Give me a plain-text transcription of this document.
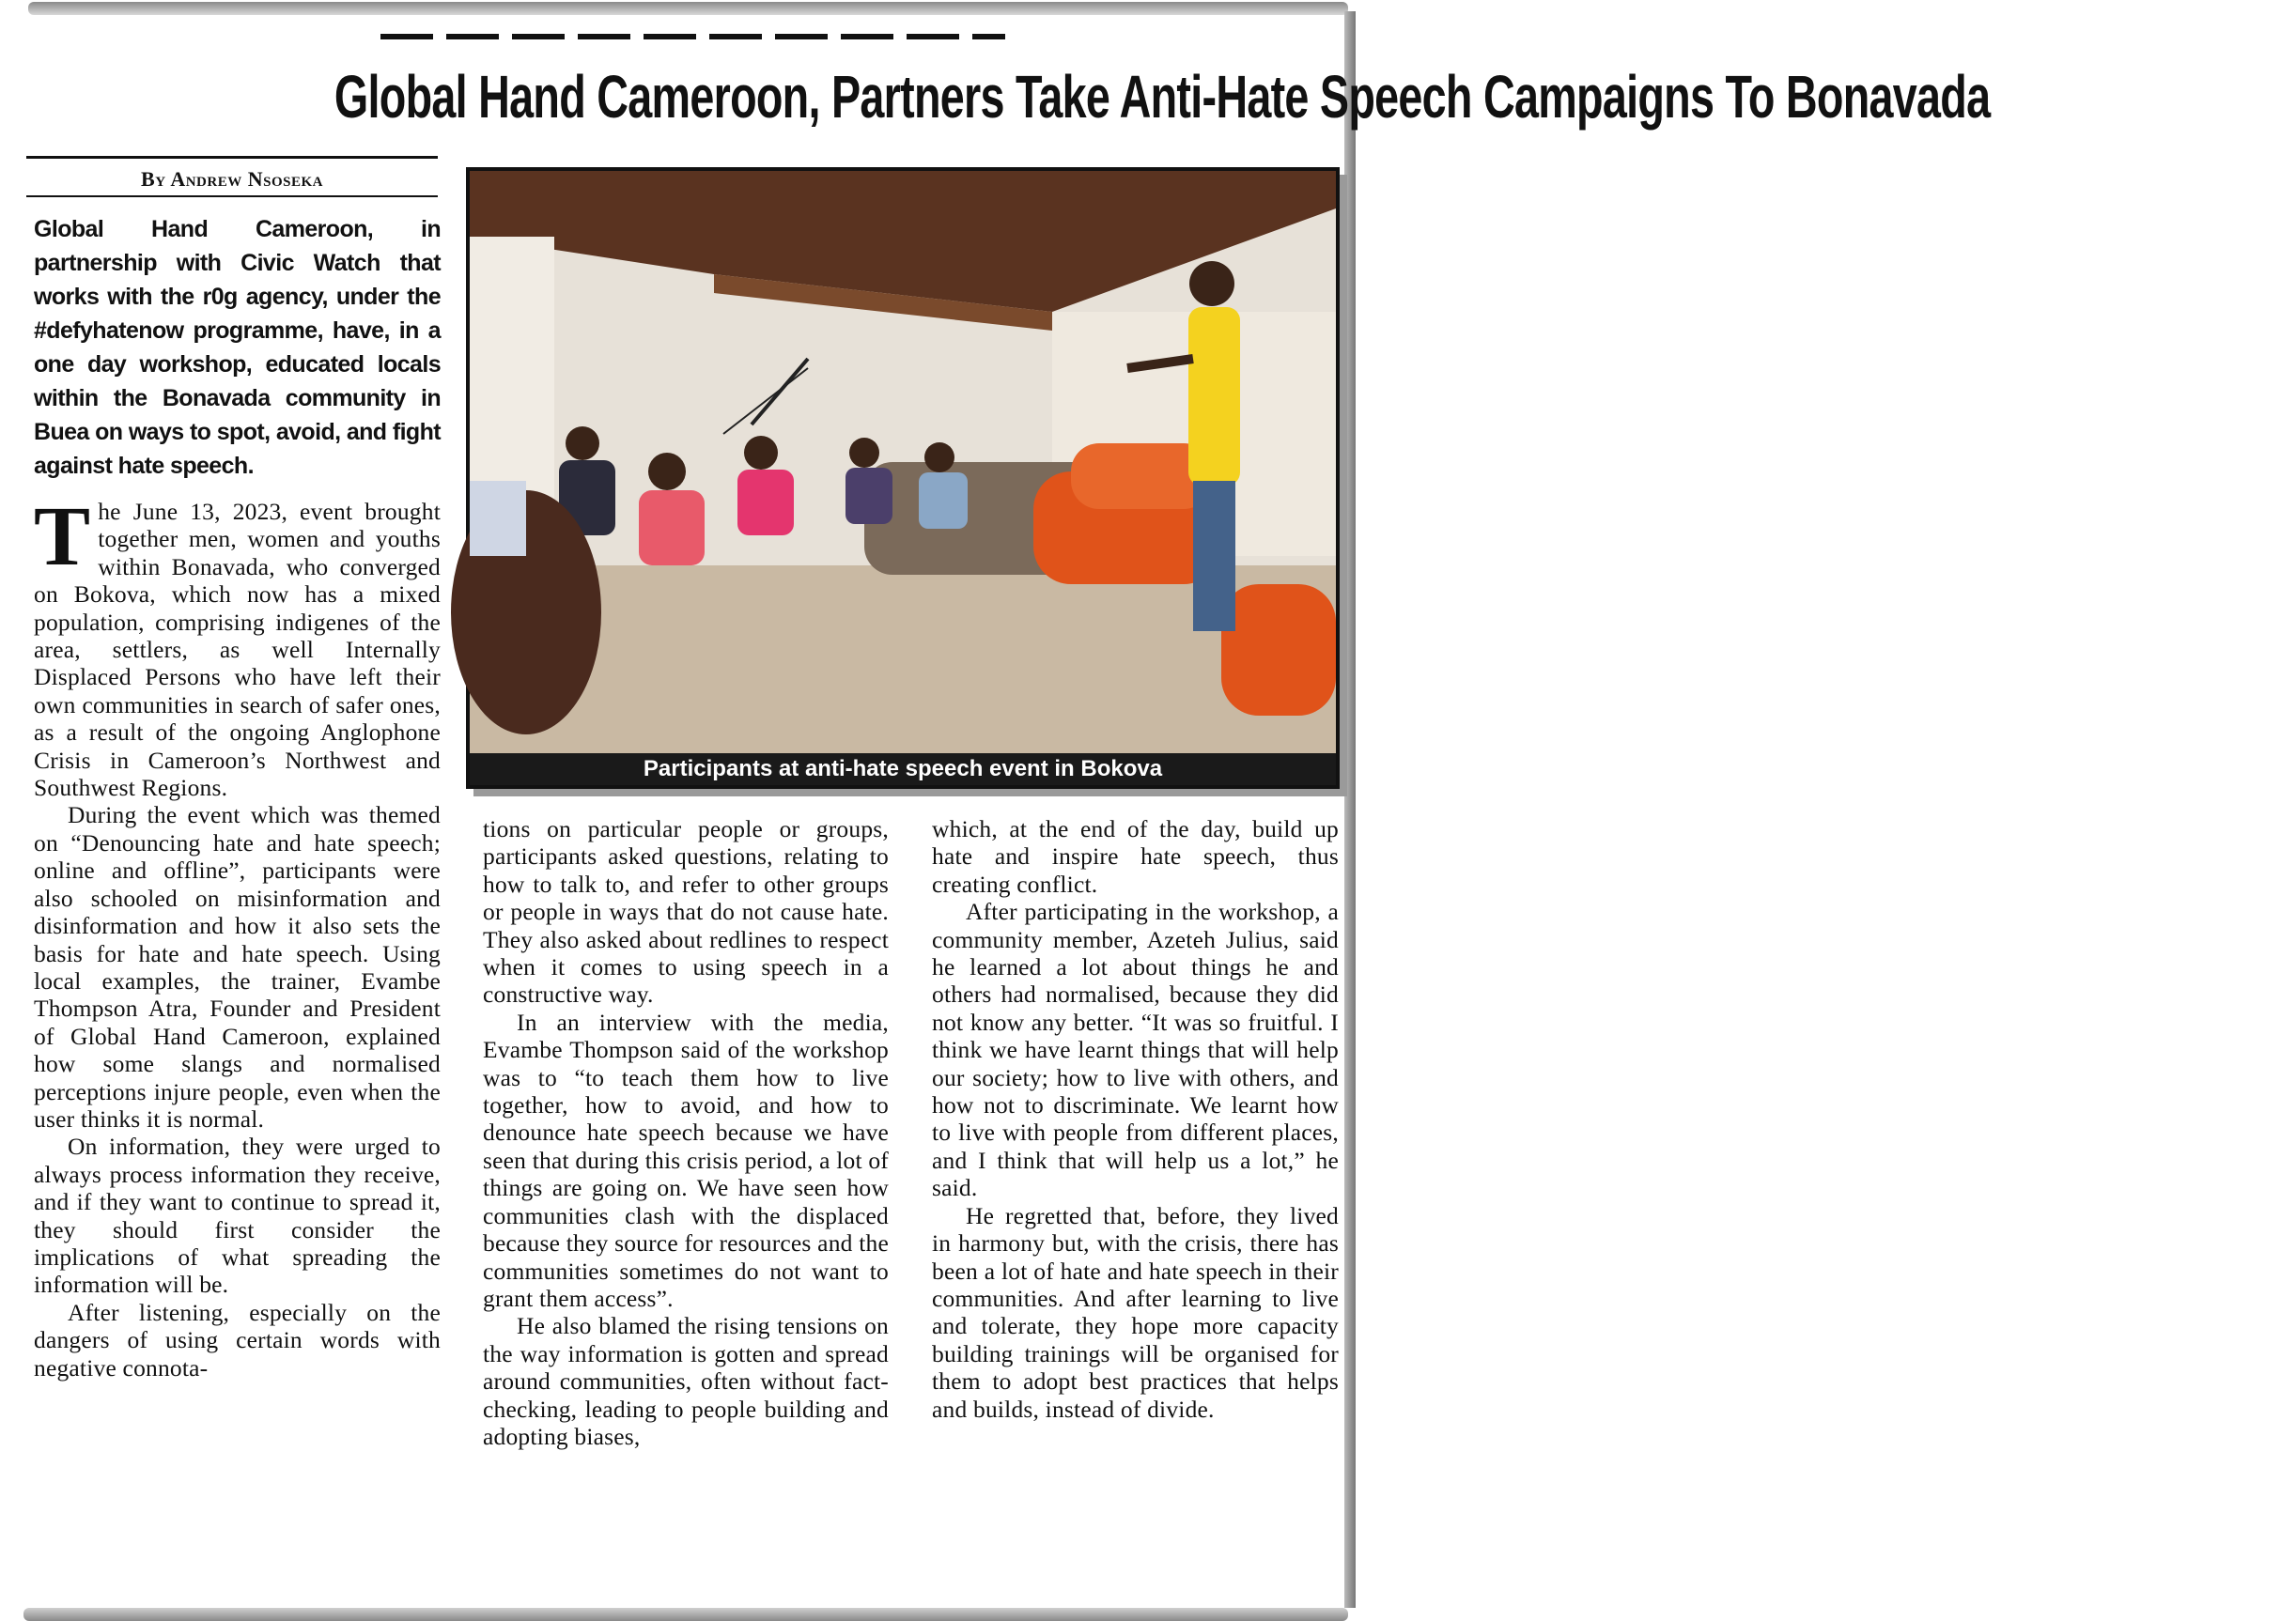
Global Hand Cameroon, Partners Take Anti-Hate Speech Campaigns To Bonavada
By Andrew Nsoseka

Global Hand Cameroon, in partnership with Civic Watch that works with the r0g agency, under the #defyhatenow programme, have, in a one day workshop, educated locals within the Bonavada community in Buea on ways to spot, avoid, and fight against hate speech.

The June 13, 2023, event brought together men, women and youths within Bonavada, who converged on Bokova, which now has a mixed population, comprising indigenes of the area, settlers, as well Internally Displaced Persons who have left their own communities in search of safer ones, as a result of the ongoing Anglophone Crisis in Cameroon’s Northwest and Southwest Regions.

During the event which was themed on “Denouncing hate and hate speech; online and offline”, participants were also schooled on misinformation and disinformation and how it also sets the basis for hate and hate speech. Using local examples, the trainer, Evambe Thompson Atra, Founder and President of Global Hand Cameroon, explained how some slangs and normalised perceptions injure people, even when the user thinks it is normal.

On information, they were urged to always process information they receive, and if they want to continue to spread it, they should first consider the implications of what spreading the information will be.

After listening, especially on the dangers of using certain words with negative connota-

Participants at anti-hate speech event in Bokova

tions on particular people or groups, participants asked questions, relating to how to talk to, and refer to other groups or people in ways that do not cause hate. They also asked about redlines to respect when it comes to using speech in a constructive way.

In an interview with the media, Evambe Thompson said of the workshop was to “to teach them how to live together, how to avoid, and how to denounce hate speech because we have seen that during this crisis period, a lot of things are going on. We have seen how communities clash with the displaced because they source for resources and the communities sometimes do not want to grant them access”.

He also blamed the rising tensions on the way information is gotten and spread around communities, often without fact-checking, leading to people building and adopting biases,

which, at the end of the day, build up hate and inspire hate speech, thus creating conflict.

After participating in the workshop, a community member, Azeteh Julius, said he learned a lot about things he and others had normalised, because they did not know any better. “It was so fruitful. I think we have learnt things that will help our society; how to live with others, and how not to discriminate. We learnt how to live with people from different places, and I think that will help us a lot,” he said.

He regretted that, before, they lived in harmony but, with the crisis, there has been a lot of hate and hate speech in their communities. And after learning to live and tolerate, they hope more capacity building trainings will be organised for them to adopt best practices that helps and builds, instead of divide.
